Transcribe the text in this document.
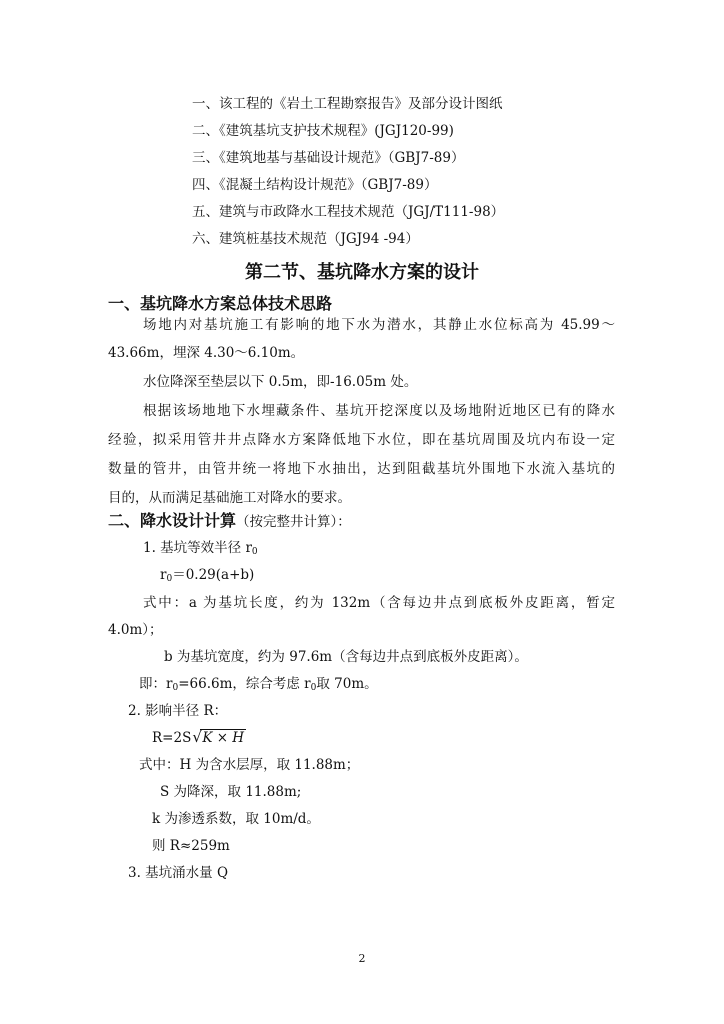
一、该工程的《岩土工程勘察报告》及部分设计图纸
二、《建筑基坑支护技术规程》(JGJ120-99)
三、《建筑地基与基础设计规范》（GBJ7-89）
四、《混凝土结构设计规范》（GBJ7-89）
五、建筑与市政降水工程技术规范（JGJ/T111-98）
六、建筑桩基技术规范（JGJ94 -94）
第二节、基坑降水方案的设计
一、基坑降水方案总体技术思路
场地内对基坑施工有影响的地下水为潜水，其静止水位标高为 45.99～
43.66m，埋深 4.30～6.10m。
水位降深至垫层以下 0.5m，即-16.05m 处。
根据该场地地下水埋藏条件、基坑开挖深度以及场地附近地区已有的降水
经验，拟采用管井井点降水方案降低地下水位，即在基坑周围及坑内布设一定
数量的管井，由管井统一将地下水抽出，达到阻截基坑外围地下水流入基坑的
目的，从而满足基础施工对降水的要求。
二、降水设计计算（按完整井计算）：
1. 基坑等效半径 $r_0$
$r_0=0.29(a+b)$
式中：a 为基坑长度，约为 132m（含每边井点到底板外皮距离，暂定
4.0m）；
b 为基坑宽度，约为 97.6m（含每边井点到底板外皮距离）。
即：$r_0=66.6m$，综合考虑 $r_0$取 70m。
2. 影响半径 R：
R=2S √ K × H
式中：H 为含水层厚，取 11.88m；
S 为降深，取 11.88m;
k 为渗透系数，取 10m/d。
则 R≈259m
3. 基坑涌水量 Q
2
